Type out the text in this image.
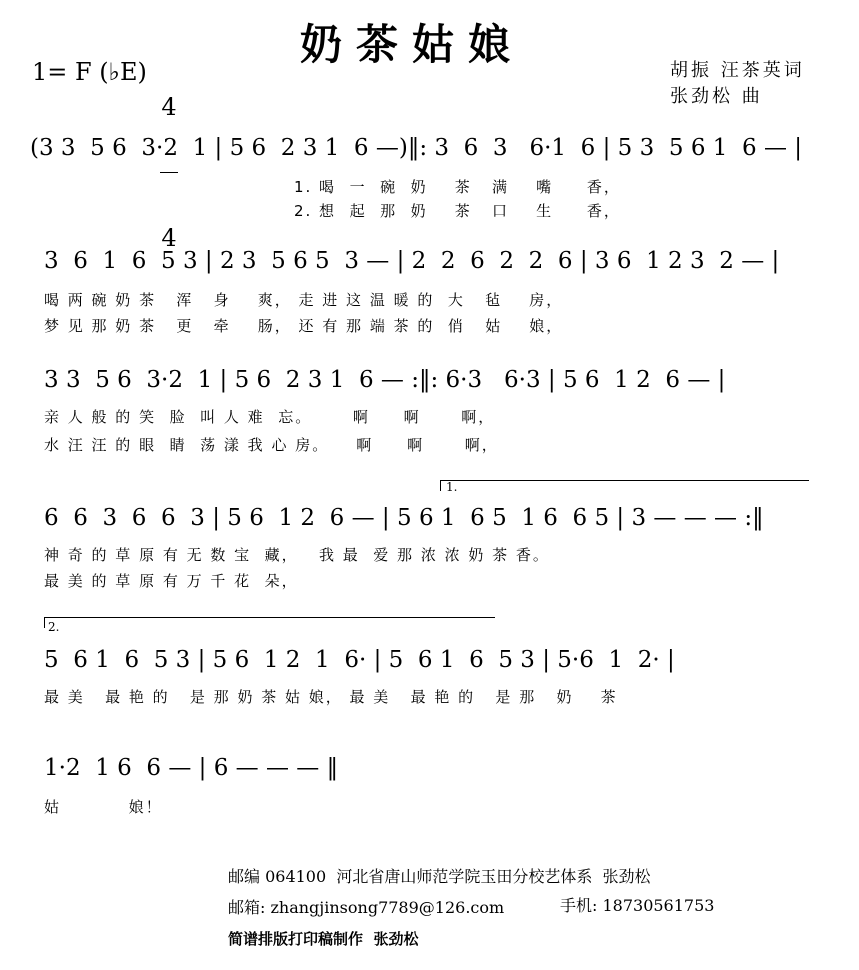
奶茶姑娘
1= F (♭E)

4

4

胡振 汪茶英词
张劲松 曲
(3 3  5 6  3·2  1 | 5 6  2 3 1  6 —)‖: 3  6  3   6·1  6 | 5 3  5 6 1  6 — |
1. 喝  一  碗  奶    茶   满    嘴     香，
2. 想  起  那  奶    茶   口    生     香，
3  6  1  6  5 3 | 2 3  5 6 5  3 — | 2  2  6  2  2  6 | 3 6  1 2 3  2 — |
喝 两 碗 奶 茶   浑   身    爽， 走 进 这 温 暖 的  大   毡    房，
梦 见 那 奶 茶   更   牵    肠， 还 有 那 端 茶 的  俏   姑    娘，
3 3  5 6  3·2  1 | 5 6  2 3 1  6 — :‖: 6·3   6·3 | 5 6  1 2  6 — |
亲 人 般 的 笑  脸  叫 人 难  忘。      啊     啊      啊，
水 汪 汪 的 眼  睛  荡 漾 我 心 房。    啊     啊      啊，
1.
6  6  3  6  6  3 | 5 6  1 2  6 — | 5 6 1  6 5  1 6  6 5 | 3 — — — :‖
神 奇 的 草 原 有 无 数 宝  藏，   我 最  爱 那 浓 浓 奶 茶 香。
最 美 的 草 原 有 万 千 花  朵，
2.
5  6 1  6  5 3 | 5 6  1 2  1  6· | 5  6 1  6  5 3 | 5·6  1  2· |
最 美   最 艳 的   是 那 奶 茶 姑 娘， 最 美   最 艳 的   是 那   奶    茶
1·2  1 6  6 — | 6 — — — ‖
姑          娘！
邮编 064100  河北省唐山师范学院玉田分校艺体系  张劲松
邮箱: zhangjinsong7789@126.com	手机: 18730561753
简谱排版打印稿制作  张劲松
